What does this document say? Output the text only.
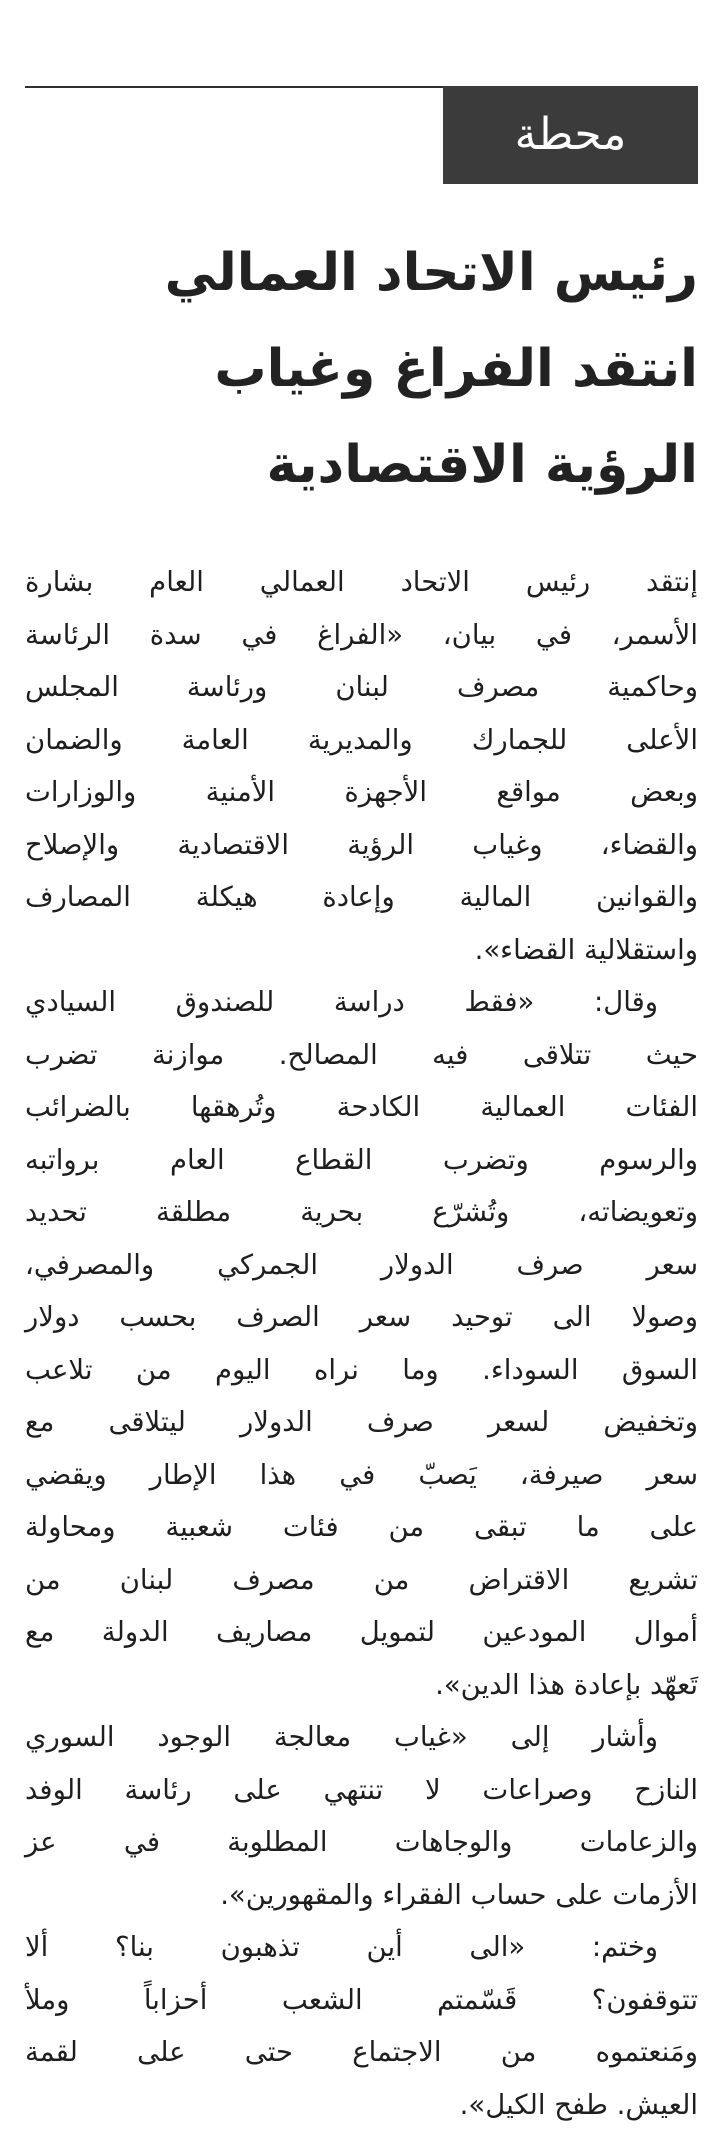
محطة
رئيس الاتحاد العمالي
انتقد الفراغ وغياب
الرؤية الاقتصادية
إنتقد رئيس الاتحاد العمالي العام بشارة
الأسمر، في بيان، «الفراغ في سدة الرئاسة
وحاكمية مصرف لبنان ورئاسة المجلس
الأعلى للجمارك والمديرية العامة والضمان
وبعض مواقع الأجهزة الأمنية والوزارات
والقضاء، وغياب الرؤية الاقتصادية والإصلاح
والقوانين المالية وإعادة هيكلة المصارف
واستقلالية القضاء».
وقال: «فقط دراسة للصندوق السيادي
حيث تتلاقى فيه المصالح. موازنة تضرب
الفئات العمالية الكادحة وتُرهقها بالضرائب
والرسوم وتضرب القطاع العام برواتبه
وتعويضاته، وتُشرّع بحرية مطلقة تحديد
سعر صرف الدولار الجمركي والمصرفي،
وصولا الى توحيد سعر الصرف بحسب دولار
السوق السوداء. وما نراه اليوم من تلاعب
وتخفيض لسعر صرف الدولار ليتلاقى مع
سعر صيرفة، يَصبّ في هذا الإطار ويقضي
على ما تبقى من فئات شعبية ومحاولة
تشريع الاقتراض من مصرف لبنان من
أموال المودعين لتمويل مصاريف الدولة مع
تَعهّد بإعادة هذا الدين».
وأشار إلى «غياب معالجة الوجود السوري
النازح وصراعات لا تنتهي على رئاسة الوفد
والزعامات والوجاهات المطلوبة في عز
الأزمات على حساب الفقراء والمقهورين».
وختم: «الى أين تذهبون بنا؟ ألا
تتوقفون؟ قَسّمتم الشعب أحزاباً وملأ
ومَنعتموه من الاجتماع حتى على لقمة
العيش. طفح الكيل».
